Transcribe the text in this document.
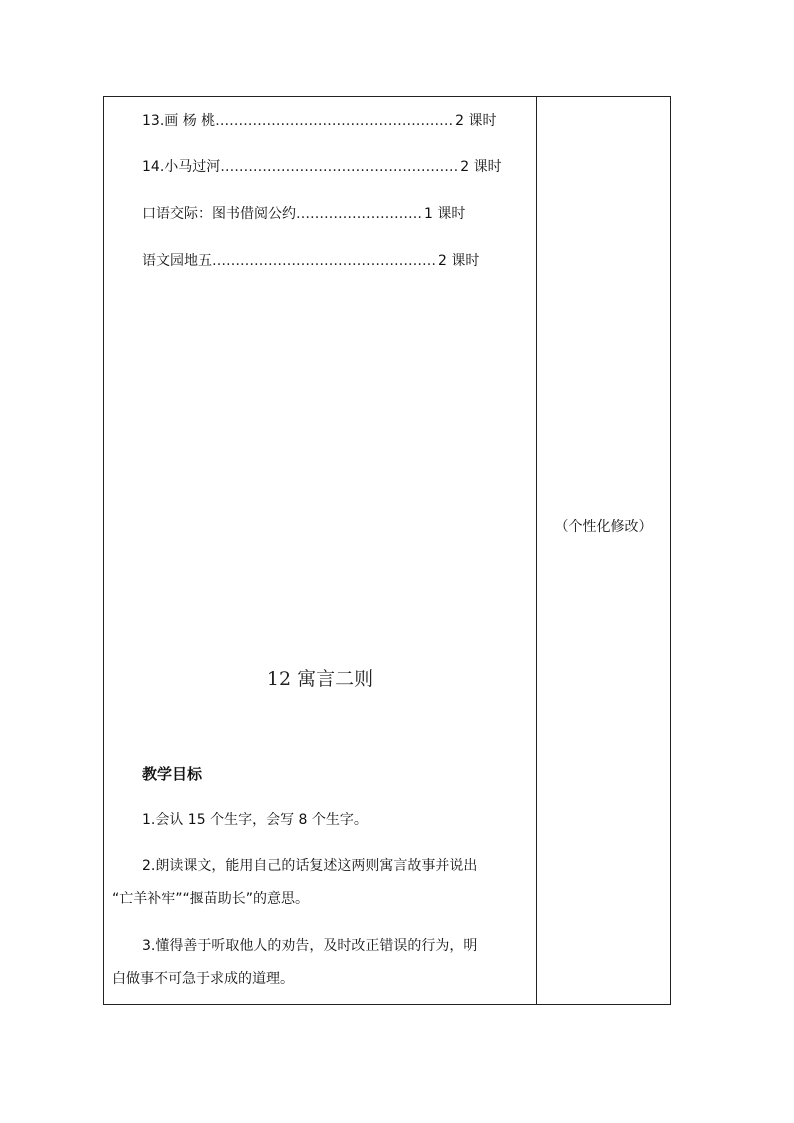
13.画 杨 桃 …………………………………………… 2 课时
14.小马过河 …………………………………………… 2 课时
口语交际：图书借阅公约 ……………………… 1 课时
语文园地五 ………………………………………… 2 课时
12 寓言二则
教学目标
1.会认 15 个生字，会写 8 个生字。
2.朗读课文，能用自己的话复述这两则寓言故事并说出
“亡羊补牢”“揠苗助长”的意思。
3.懂得善于听取他人的劝告，及时改正错误的行为，明
白做事不可急于求成的道理。
（个性化修改）
